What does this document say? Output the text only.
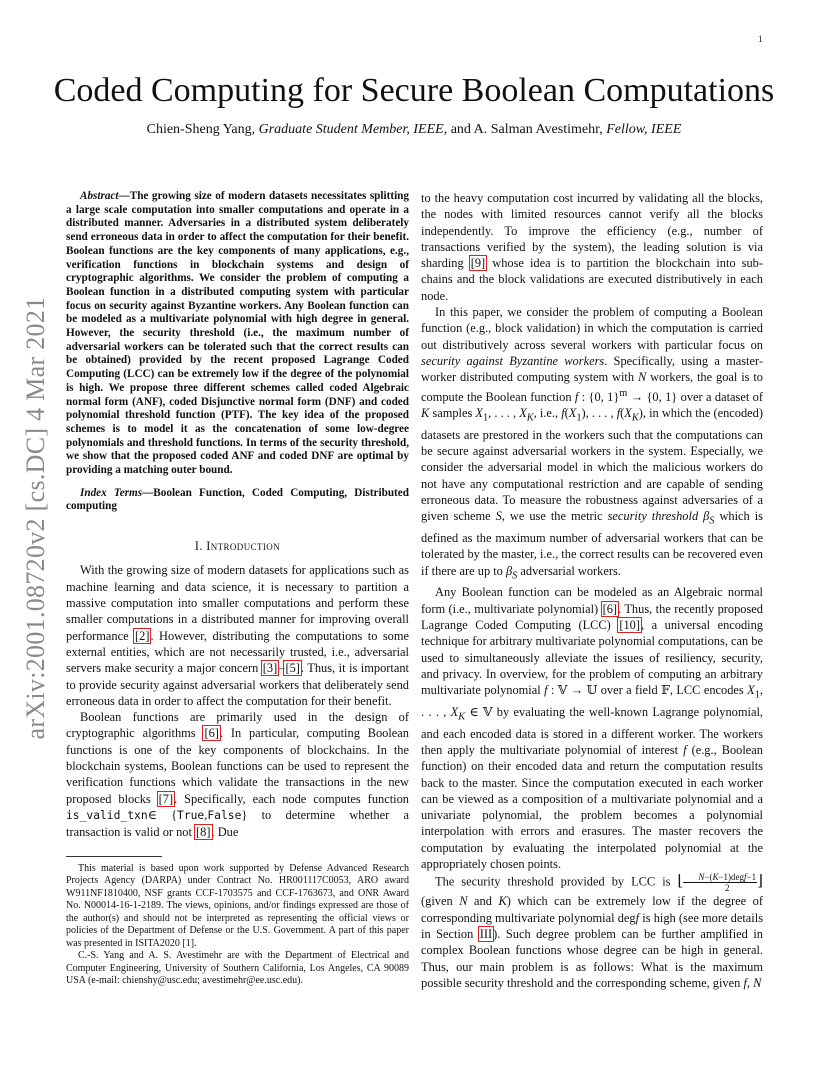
1
arXiv:2001.08720v2 [cs.DC] 4 Mar 2021
Coded Computing for Secure Boolean Computations
Chien-Sheng Yang, Graduate Student Member, IEEE, and A. Salman Avestimehr, Fellow, IEEE

Abstract—The growing size of modern datasets necessitates splitting a large scale computation into smaller computations and operate in a distributed manner. Adversaries in a distributed system deliberately send erroneous data in order to affect the computation for their benefit. Boolean functions are the key components of many applications, e.g., verification functions in blockchain systems and design of cryptographic algorithms. We consider the problem of computing a Boolean function in a distributed computing system with particular focus on security against Byzantine workers. Any Boolean function can be modeled as a multivariate polynomial with high degree in general. However, the security threshold (i.e., the maximum number of adversarial workers can be tolerated such that the correct results can be obtained) provided by the recent proposed Lagrange Coded Computing (LCC) can be extremely low if the degree of the polynomial is high. We propose three different schemes called coded Algebraic normal form (ANF), coded Disjunctive normal form (DNF) and coded polynomial threshold function (PTF). The key idea of the proposed schemes is to model it as the concatenation of some low-degree polynomials and threshold functions. In terms of the security threshold, we show that the proposed coded ANF and coded DNF are optimal by providing a matching outer bound.

Index Terms—Boolean Function, Coded Computing, Distributed computing

I. Introduction

With the growing size of modern datasets for applications such as machine learning and data science, it is necessary to partition a massive computation into smaller computations and perform these smaller computations in a distributed manner for improving overall performance [2]. However, distributing the computations to some external entities, which are not necessarily trusted, i.e., adversarial servers make security a major concern [3]–[5]. Thus, it is important to provide security against adversarial workers that deliberately send erroneous data in order to affect the computation for their benefit.

Boolean functions are primarily used in the design of cryptographic algorithms [6]. In particular, computing Boolean functions is one of the key components of blockchains. In the blockchain systems, Boolean functions can be used to represent the verification functions which validate the transactions in the new proposed blocks [7]. Specifically, each node computes function is_valid_txn∈ {True,False} to determine whether a transaction is valid or not [8]. Due

This material is based upon work supported by Defense Advanced Research Projects Agency (DARPA) under Contract No. HR001117C0053, ARO award W911NF1810400, NSF grants CCF-1703575 and CCF-1763673, and ONR Award No. N00014-16-1-2189. The views, opinions, and/or findings expressed are those of the author(s) and should not be interpreted as representing the official views or policies of the Department of Defense or the U.S. Government. A part of this paper was presented in ISITA2020 [1].

C.-S. Yang and A. S. Avestimehr are with the Department of Electrical and Computer Engineering, University of Southern California, Los Angeles, CA 90089 USA (e-mail: chienshy@usc.edu; avestimehr@ee.usc.edu).

to the heavy computation cost incurred by validating all the blocks, the nodes with limited resources cannot verify all the blocks independently. To improve the efficiency (e.g., number of transactions verified by the system), the leading solution is via sharding [9] whose idea is to partition the blockchain into sub-chains and the block validations are executed distributively in each node.

In this paper, we consider the problem of computing a Boolean function (e.g., block validation) in which the computation is carried out distributively across several workers with particular focus on security against Byzantine workers. Specifically, using a master-worker distributed computing system with N workers, the goal is to compute the Boolean function f : {0, 1}$^m$ → {0, 1} over a dataset of K samples $X_1$, . . . , $X_K$, i.e., $f(X_1)$, . . . , $f(X_K)$, in which the (encoded) datasets are prestored in the workers such that the computations can be secure against adversarial workers in the system. Especially, we consider the adversarial model in which the malicious workers do not have any computational restriction and are capable of sending erroneous data. To measure the robustness against adversaries of a given scheme S, we use the metric security threshold $\beta_S$ which is defined as the maximum number of adversarial workers that can be tolerated by the master, i.e., the correct results can be recovered even if there are up to $\beta_S$ adversarial workers.

Any Boolean function can be modeled as an Algebraic normal form (i.e., multivariate polynomial) [6]. Thus, the recently proposed Lagrange Coded Computing (LCC) [10], a universal encoding technique for arbitrary multivariate polynomial computations, can be used to simultaneously alleviate the issues of resiliency, security, and privacy. In overview, for the problem of computing an arbitrary multivariate polynomial f : 𝕍 → 𝕌 over a field 𝔽, LCC encodes $X_1$, . . . , $X_K$ ∈ 𝕍 by evaluating the well-known Lagrange polynomial, and each encoded data is stored in a different worker. The workers then apply the multivariate polynomial of interest f (e.g., Boolean function) on their encoded data and return the computation results back to the master. Since the computation executed in each worker can be viewed as a composition of a multivariate polynomial and a univariate polynomial, the problem becomes a polynomial interpolation with errors and erasures. The master recovers the computation by evaluating the interpolated polynomial at the appropriately chosen points.

The security threshold provided by LCC is ⌊ $\frac{\text{N−(K−1)degf−1}}{2}$ ⌋ (given N and K) which can be extremely low if the degree of corresponding multivariate polynomial degf is high (see more details in Section III). Such degree problem can be further amplified in complex Boolean functions whose degree can be high in general. Thus, our main problem is as follows: What is the maximum possible security threshold and the corresponding scheme, given f, N
